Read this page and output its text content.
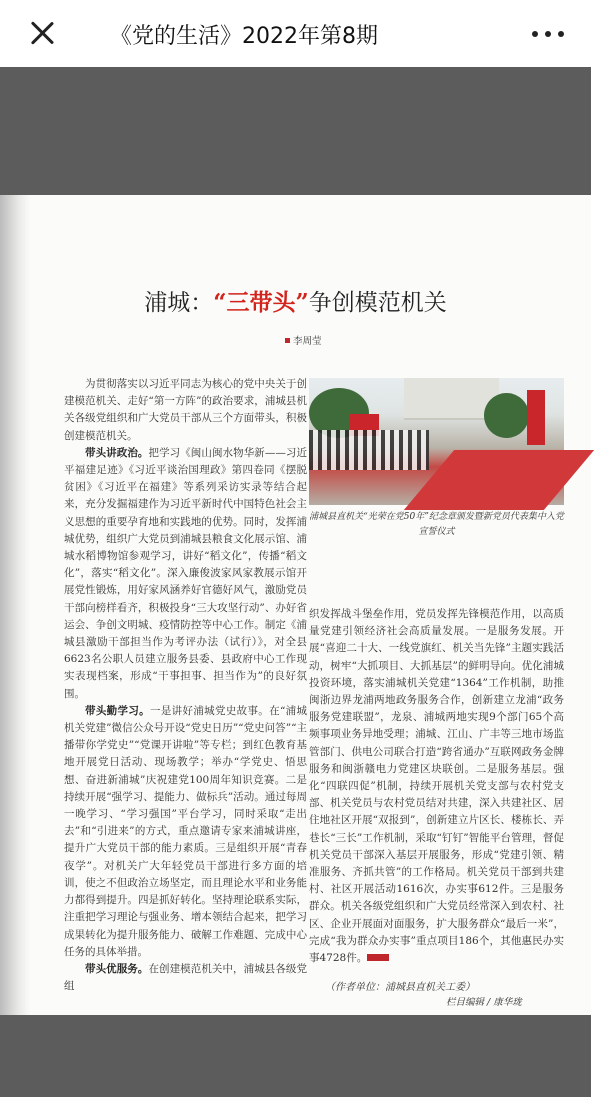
《党的生活》2022年第8期
浦城：“三带头”争创模范机关
李周莹

为贯彻落实以习近平同志为核心的党中央关于创建模范机关、走好“第一方阵”的政治要求，浦城县机关各级党组织和广大党员干部从三个方面带头，积极创建模范机关。

带头讲政治。把学习《闽山闽水物华新——习近平福建足迹》《习近平谈治国理政》第四卷同《摆脱贫困》《习近平在福建》等系列采访实录等结合起来，充分发掘福建作为习近平新时代中国特色社会主义思想的重要孕育地和实践地的优势。同时，发挥浦城优势，组织广大党员到浦城县粮食文化展示馆、浦城水稻博物馆参观学习，讲好“稻文化”，传播“稻文化”，落实“稻文化”。深入廉俊波家风家教展示馆开展党性锻炼，用好家风涵养好官德好风气，激励党员干部向榜样看齐，积极投身“三大攻坚行动”、办好省运会、争创文明城、疫情防控等中心工作。制定《浦城县激励干部担当作为考评办法（试行）》，对全县6623名公职人员建立服务县委、县政府中心工作现实表现档案，形成“干事担事、担当作为”的良好氛围。

带头勤学习。一是讲好浦城党史故事。在“浦城机关党建”微信公众号开设“党史日历”“党史问答”“主播带你学党史”“党课开讲啦”等专栏；到红色教育基地开展党日活动、现场教学；举办“学党史、悟思想、奋进新浦城”庆祝建党100周年知识竞赛。二是持续开展“强学习、提能力、做标兵”活动。通过每周一晚学习、“学习强国”平台学习，同时采取“走出去”和“引进来”的方式，重点邀请专家来浦城讲座，提升广大党员干部的能力素质。三是组织开展“青春夜学”。对机关广大年轻党员干部进行多方面的培训，使之不但政治立场坚定，而且理论水平和业务能力都得到提升。四是抓好转化。坚持理论联系实际，注重把学习理论与强业务、增本领结合起来，把学习成果转化为提升服务能力、破解工作难题、完成中心任务的具体举措。

带头优服务。在创建模范机关中，浦城县各级党组

浦城县直机关“光荣在党50年”纪念章颁发暨新党员代表集中入党宣誓仪式

织发挥战斗堡垒作用，党员发挥先锋模范作用，以高质量党建引领经济社会高质量发展。一是服务发展。开展“喜迎二十大、一线党旗红、机关当先锋”主题实践活动，树牢“大抓项目、大抓基层”的鲜明导向。优化浦城投资环境，落实浦城机关党建“1364”工作机制，助推闽浙边界龙浦两地政务服务合作，创新建立龙浦“政务服务党建联盟”，龙泉、浦城两地实现9个部门65个高频事项业务异地受理；浦城、江山、广丰等三地市场监管部门、供电公司联合打造“跨省通办”互联网政务金牌服务和闽浙赣电力党建区块联创。二是服务基层。强化“四联四促”机制，持续开展机关党支部与农村党支部、机关党员与农村党员结对共建，深入共建社区、居住地社区开展“双报到”，创新建立片区长、楼栋长、弄巷长“三长”工作机制，采取“钉钉”智能平台管理，督促机关党员干部深入基层开展服务，形成“党建引领、精准服务、齐抓共管”的工作格局。机关党员干部到共建村、社区开展活动1616次，办实事612件。三是服务群众。机关各级党组织和广大党员经常深入到农村、社区、企业开展面对面服务，扩大服务群众“最后一米”，完成“我为群众办实事”重点项目186个，其他惠民办实事4728件。

（作者单位：浦城县直机关工委）
栏目编辑 / 康华珑
